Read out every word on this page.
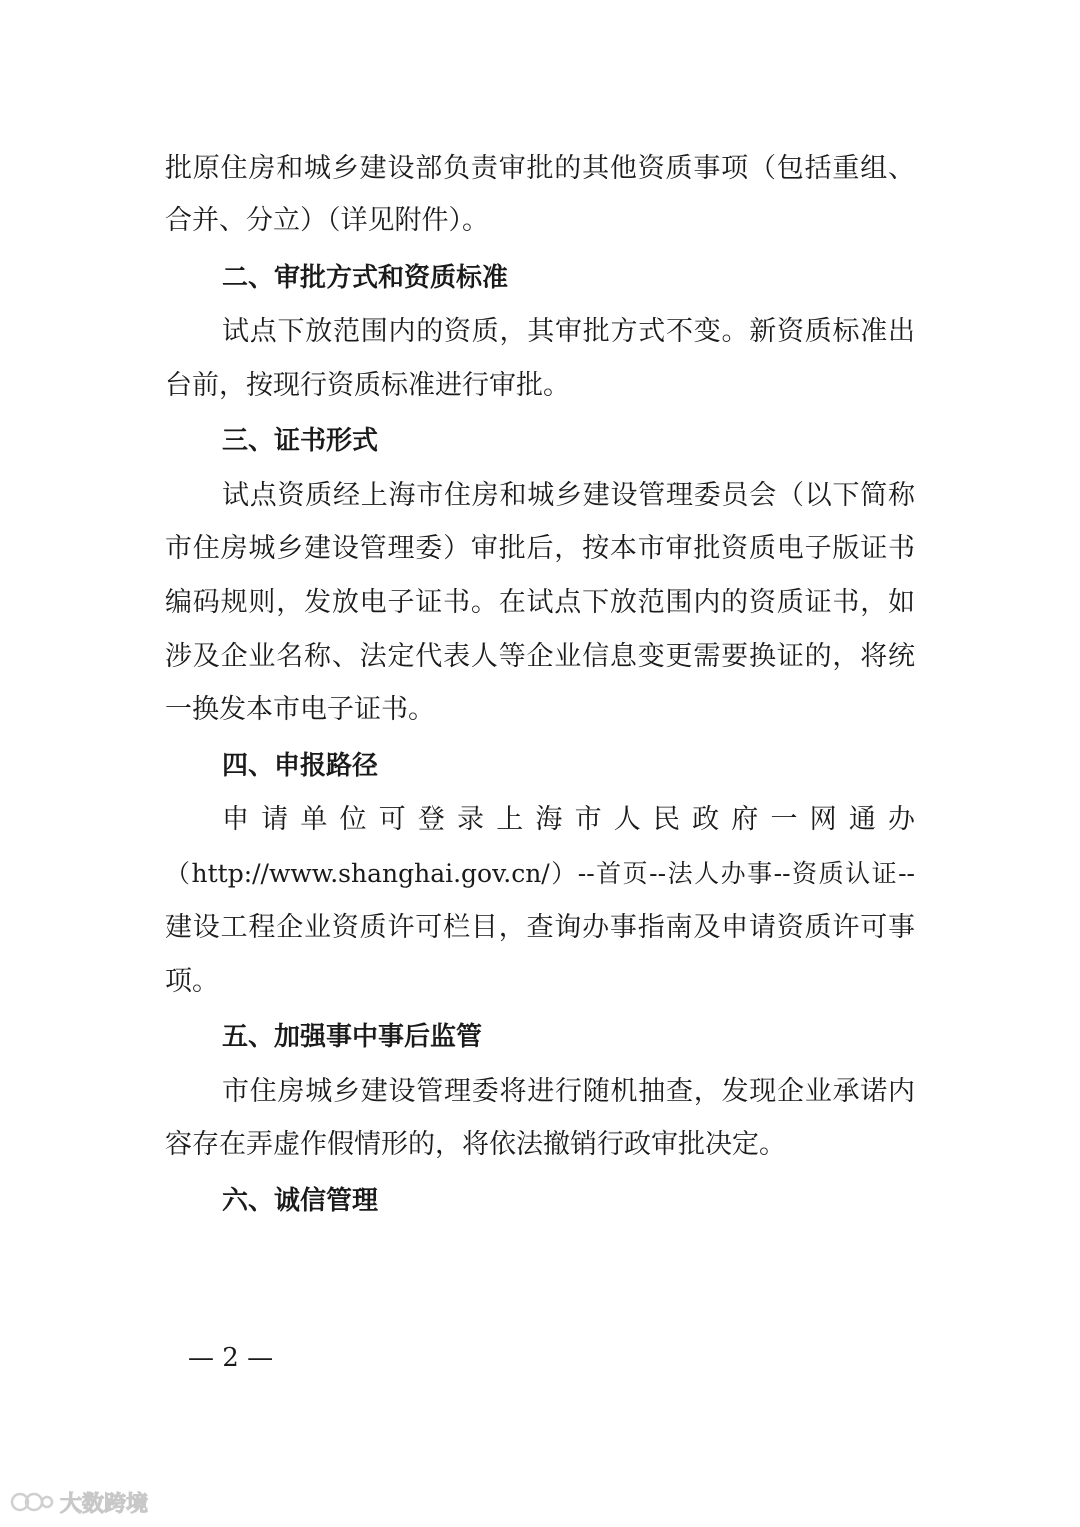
批原住房和城乡建设部负责审批的其他资质事项（包括重组、
合并、分立）（详见附件）。
二、审批方式和资质标准
试点下放范围内的资质，其审批方式不变。新资质标准出
台前，按现行资质标准进行审批。
三、证书形式
试点资质经上海市住房和城乡建设管理委员会（以下简称
市住房城乡建设管理委）审批后，按本市审批资质电子版证书
编码规则，发放电子证书。在试点下放范围内的资质证书，如
涉及企业名称、法定代表人等企业信息变更需要换证的，将统
一换发本市电子证书。
四、申报路径
申请单位可登录上海市人民政府一网通办
（http://www.shanghai.gov.cn/）--首页--法人办事--资质认证--
建设工程企业资质许可栏目，查询办事指南及申请资质许可事
项。
五、加强事中事后监管
市住房城乡建设管理委将进行随机抽查，发现企业承诺内
容存在弄虚作假情形的，将依法撤销行政审批决定。
六、诚信管理
— 2 —
大数跨境
